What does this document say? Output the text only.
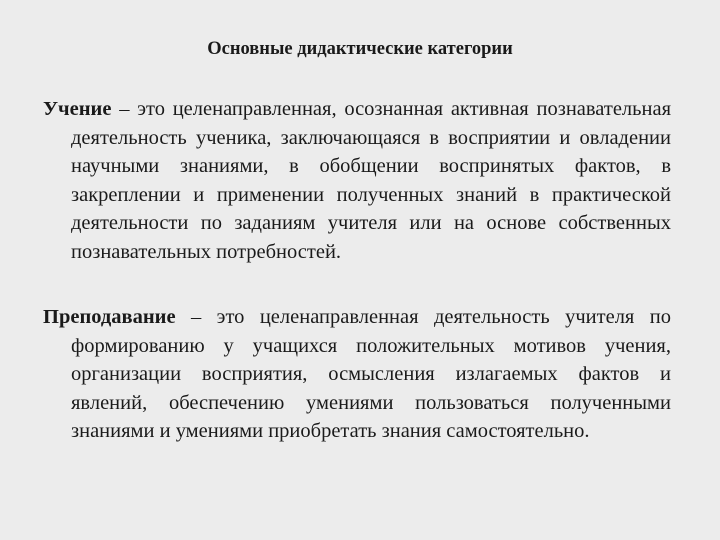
Основные дидактические категории
Учение – это целенаправленная, осознанная активная познавательная деятельность ученика, заключающаяся в восприятии и овладении научными знаниями, в обобщении воспринятых фактов, в закреплении и применении полученных знаний в практической деятельности по заданиям учителя или на основе собственных познавательных потребностей.
Преподавание – это целенаправленная деятельность учителя по формированию у учащихся положительных мотивов учения, организации восприятия, осмысления излагаемых фактов и явлений, обеспечению умениями пользоваться полученными знаниями и умениями приобретать знания самостоятельно.
